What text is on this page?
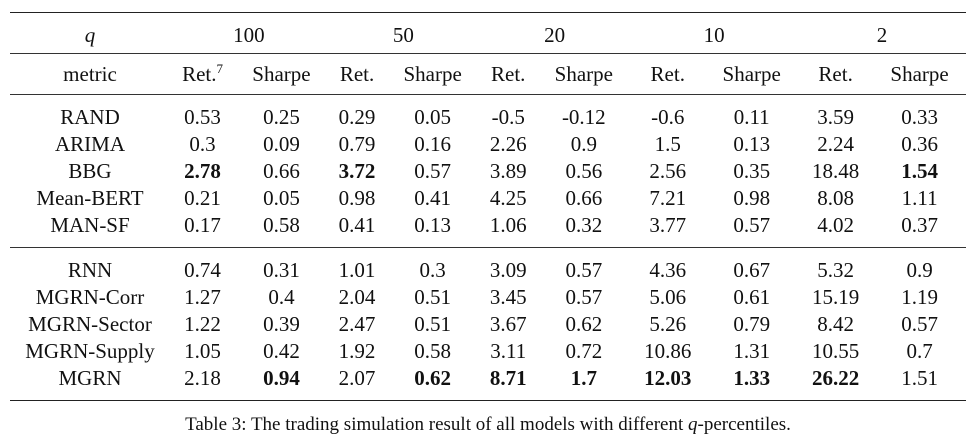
q	100		50		20		10		2	
metric	Ret.$^7$	Sharpe	Ret.	Sharpe	Ret.	Sharpe	Ret.	Sharpe	Ret.	Sharpe
RAND	0.53	0.25	0.29	0.05	-0.5	-0.12	-0.6	0.11	3.59	0.33
ARIMA	0.3	0.09	0.79	0.16	2.26	0.9	1.5	0.13	2.24	0.36
BBG	2.78	0.66	3.72	0.57	3.89	0.56	2.56	0.35	18.48	1.54
Mean-BERT	0.21	0.05	0.98	0.41	4.25	0.66	7.21	0.98	8.08	1.11
MAN-SF	0.17	0.58	0.41	0.13	1.06	0.32	3.77	0.57	4.02	0.37
RNN	0.74	0.31	1.01	0.3	3.09	0.57	4.36	0.67	5.32	0.9
MGRN-Corr	1.27	0.4	2.04	0.51	3.45	0.57	5.06	0.61	15.19	1.19
MGRN-Sector	1.22	0.39	2.47	0.51	3.67	0.62	5.26	0.79	8.42	0.57
MGRN-Supply	1.05	0.42	1.92	0.58	3.11	0.72	10.86	1.31	10.55	0.7
MGRN	2.18	0.94	2.07	0.62	8.71	1.7	12.03	1.33	26.22	1.51
Table 3: The trading simulation result of all models with different q-percentiles.
